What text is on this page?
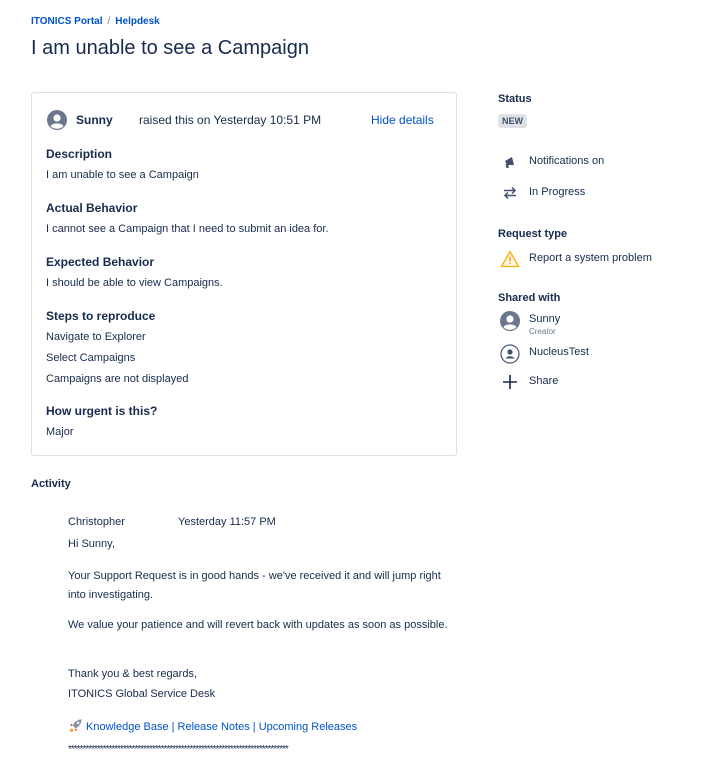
ITONICS Portal / Helpdesk
I am unable to see a Campaign
Sunny raised this on Yesterday 10:51 PM	Hide details
Description
I am unable to see a Campaign
Actual Behavior
I cannot see a Campaign that I need to submit an idea for.
Expected Behavior
I should be able to view Campaigns.
Steps to reproduce
Navigate to Explorer
Select Campaigns
Campaigns are not displayed
How urgent is this?
Major
Status
NEW
Notifications on
In Progress
Request type
Report a system problem
Shared with
Sunny
Creator
NucleusTest
Share
Activity
Christopher	Yesterday 11:57 PM
Hi Sunny,
Your Support Request is in good hands - we've received it and will jump right into investigating.
We value your patience and will revert back with updates as soon as possible.
Thank you & best regards,
ITONICS Global Service Desk
Knowledge Base | Release Notes | Upcoming Releases
****************************************************************************
